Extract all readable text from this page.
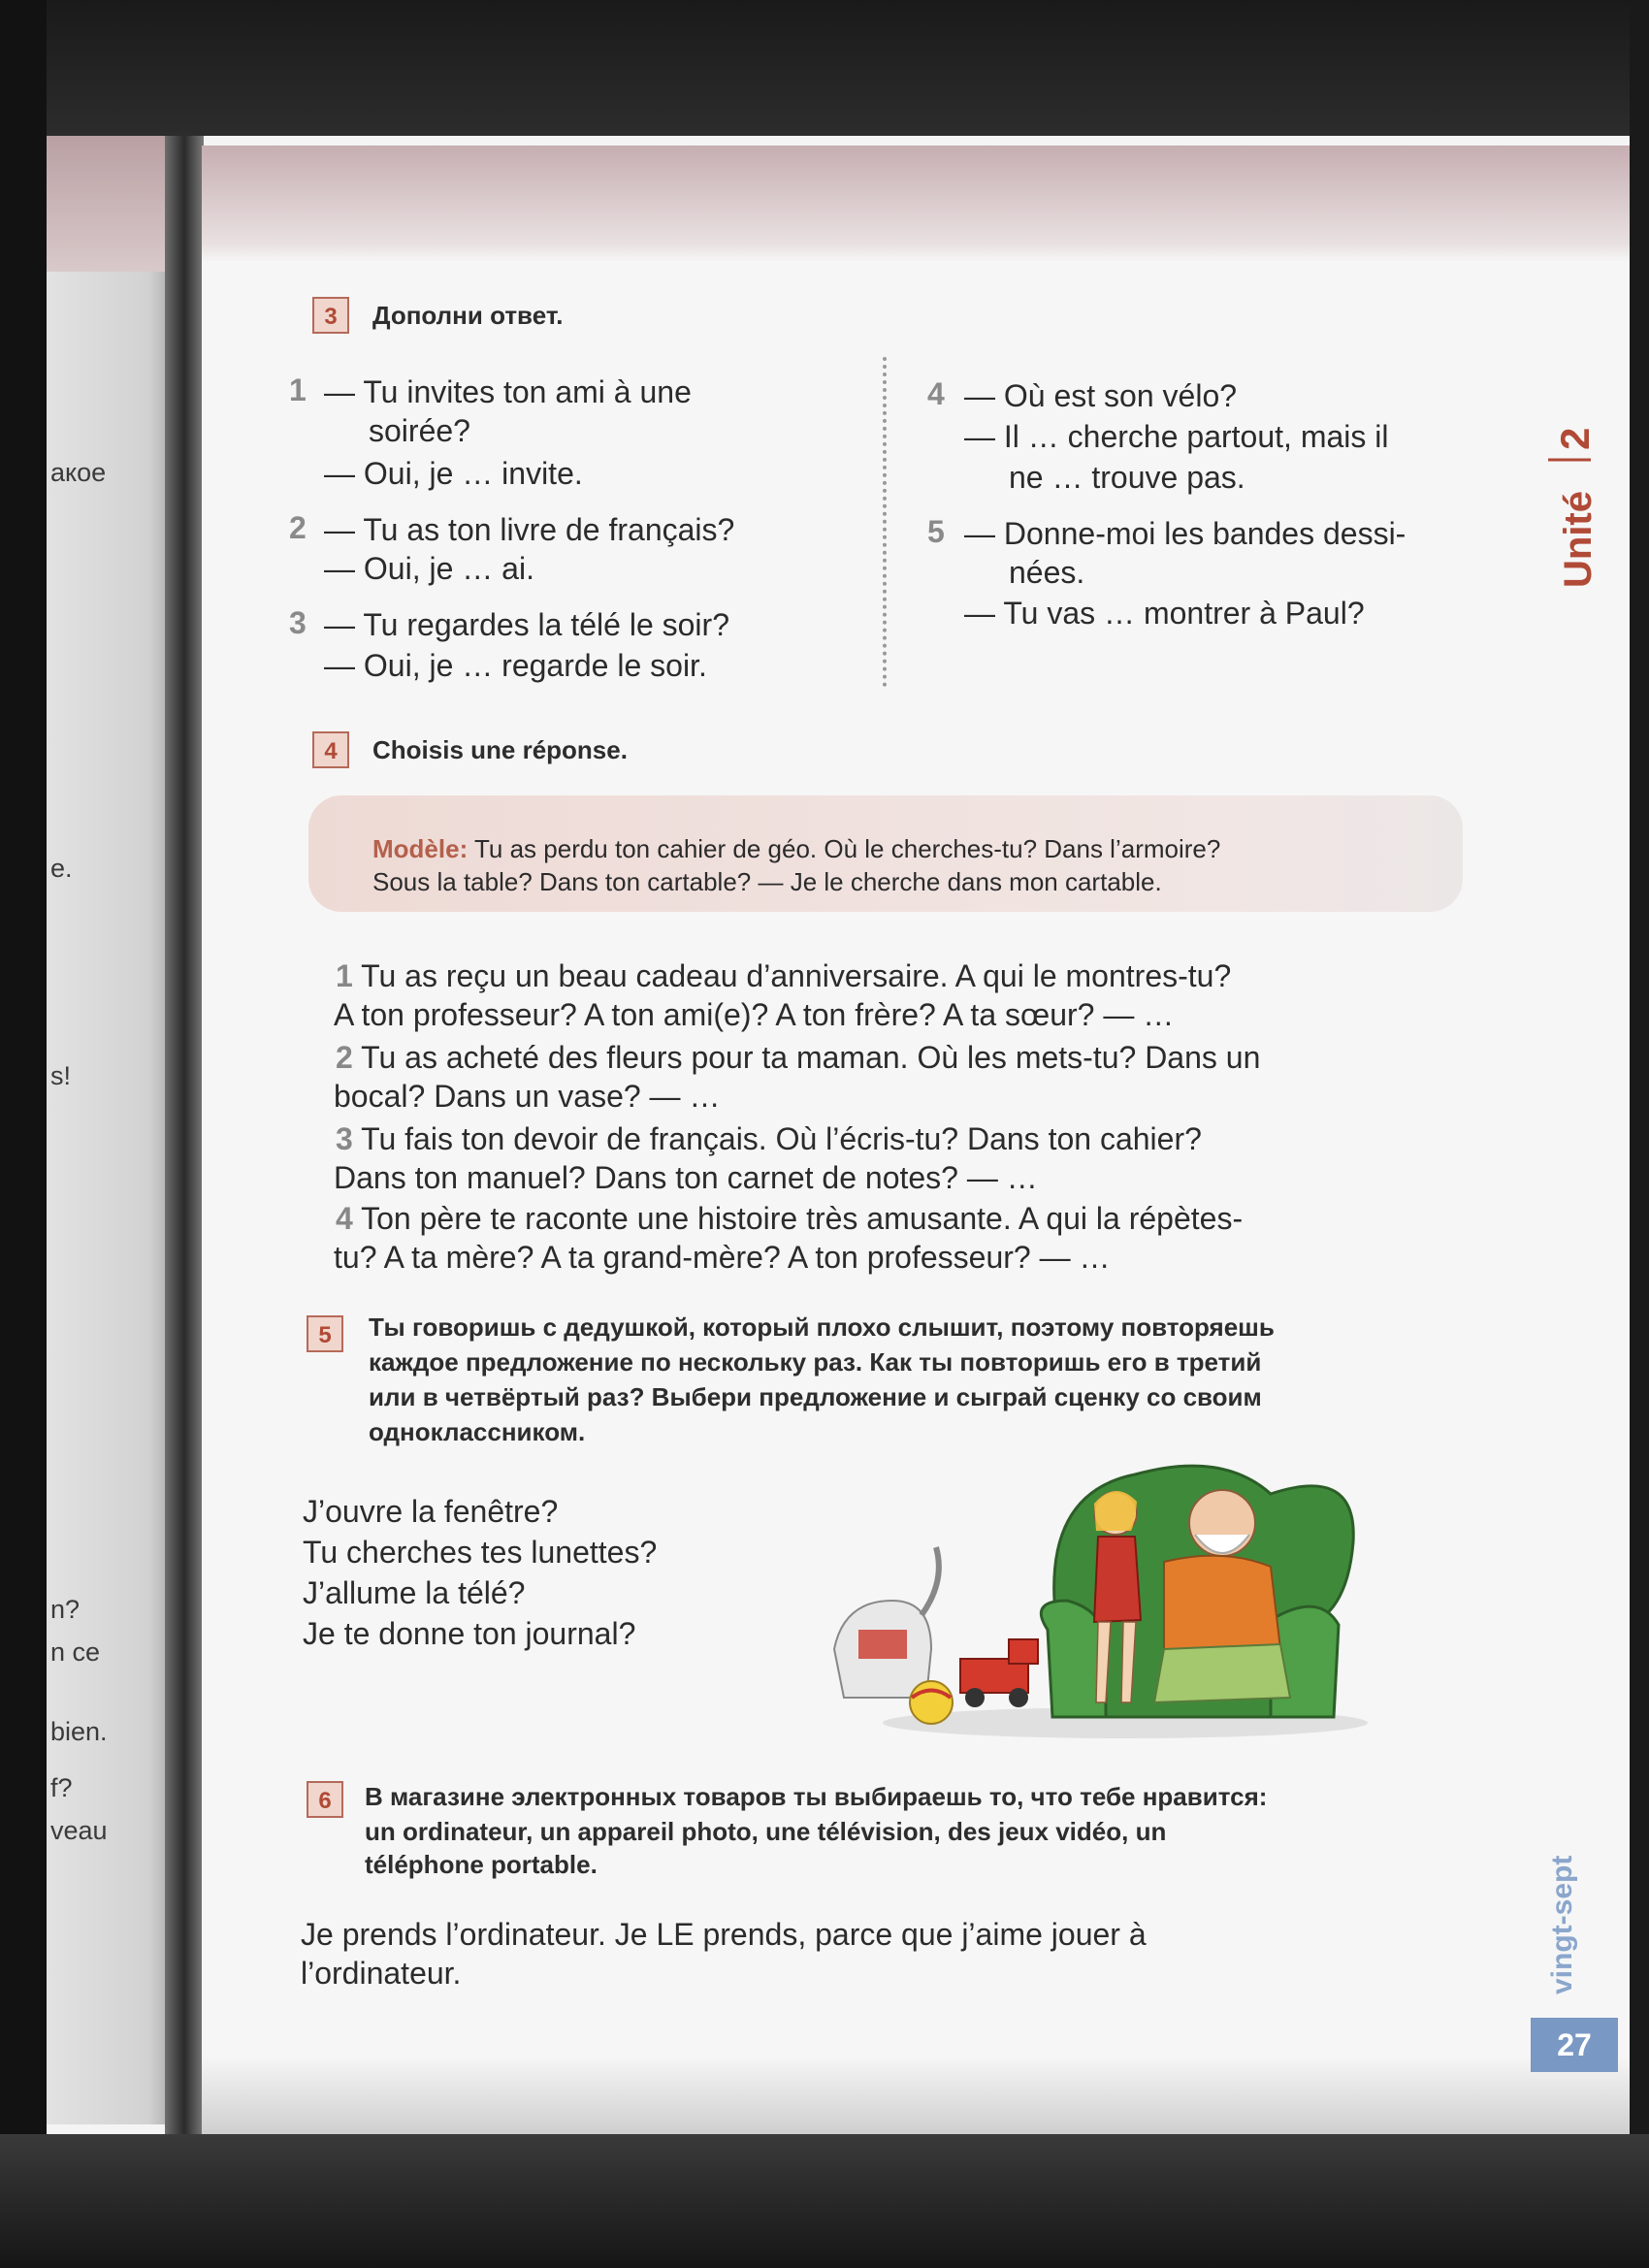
акое
e.
s!
n?
n ce
bien.
f?
veau
3	Дополни ответ.
1 — Tu invites ton ami à une
soirée?
— Oui, je … invite.
2 — Tu as ton livre de français?
— Oui, je … ai.
3 — Tu regardes la télé le soir?
— Oui, je … regarde le soir.
4 — Où est son vélo?
— Il … cherche partout, mais il
ne … trouve pas.
5 — Donne-moi les bandes dessi-
nées.
— Tu vas … montrer à Paul?
Unité
2
4	Choisis une réponse.
Modèle: Tu as perdu ton cahier de géo. Où le cherches-tu? Dans l’armoire?
Sous la table? Dans ton cartable? — Je le cherche dans mon cartable.
1 Tu as reçu un beau cadeau d’anniversaire. A qui le montres-tu?
A ton professeur? A ton ami(e)? A ton frère? A ta sœur? — …
2 Tu as acheté des fleurs pour ta maman. Où les mets-tu? Dans un
bocal? Dans un vase? — …
3 Tu fais ton devoir de français. Où l’écris-tu? Dans ton cahier?
Dans ton manuel? Dans ton carnet de notes? — …
4 Ton père te raconte une histoire très amusante. A qui la répètes-
tu? A ta mère? A ta grand-mère? A ton professeur? — …
5	Ты говоришь с дедушкой, который плохо слышит, поэтому повторяешь
каждое предложение по нескольку раз. Как ты повторишь его в третий
или в четвёртый раз? Выбери предложение и сыграй сценку со своим
одноклассником.
J’ouvre la fenêtre?
Tu cherches tes lunettes?
J’allume la télé?
Je te donne ton journal?
6	В магазине электронных товаров ты выбираешь то, что тебе нравится:
un ordinateur, un appareil photo, une télévision, des jeux vidéo, un
téléphone portable.
Je prends l’ordinateur. Je LE prends, parce que j’aime jouer à
l’ordinateur.	vingt-sept
27
